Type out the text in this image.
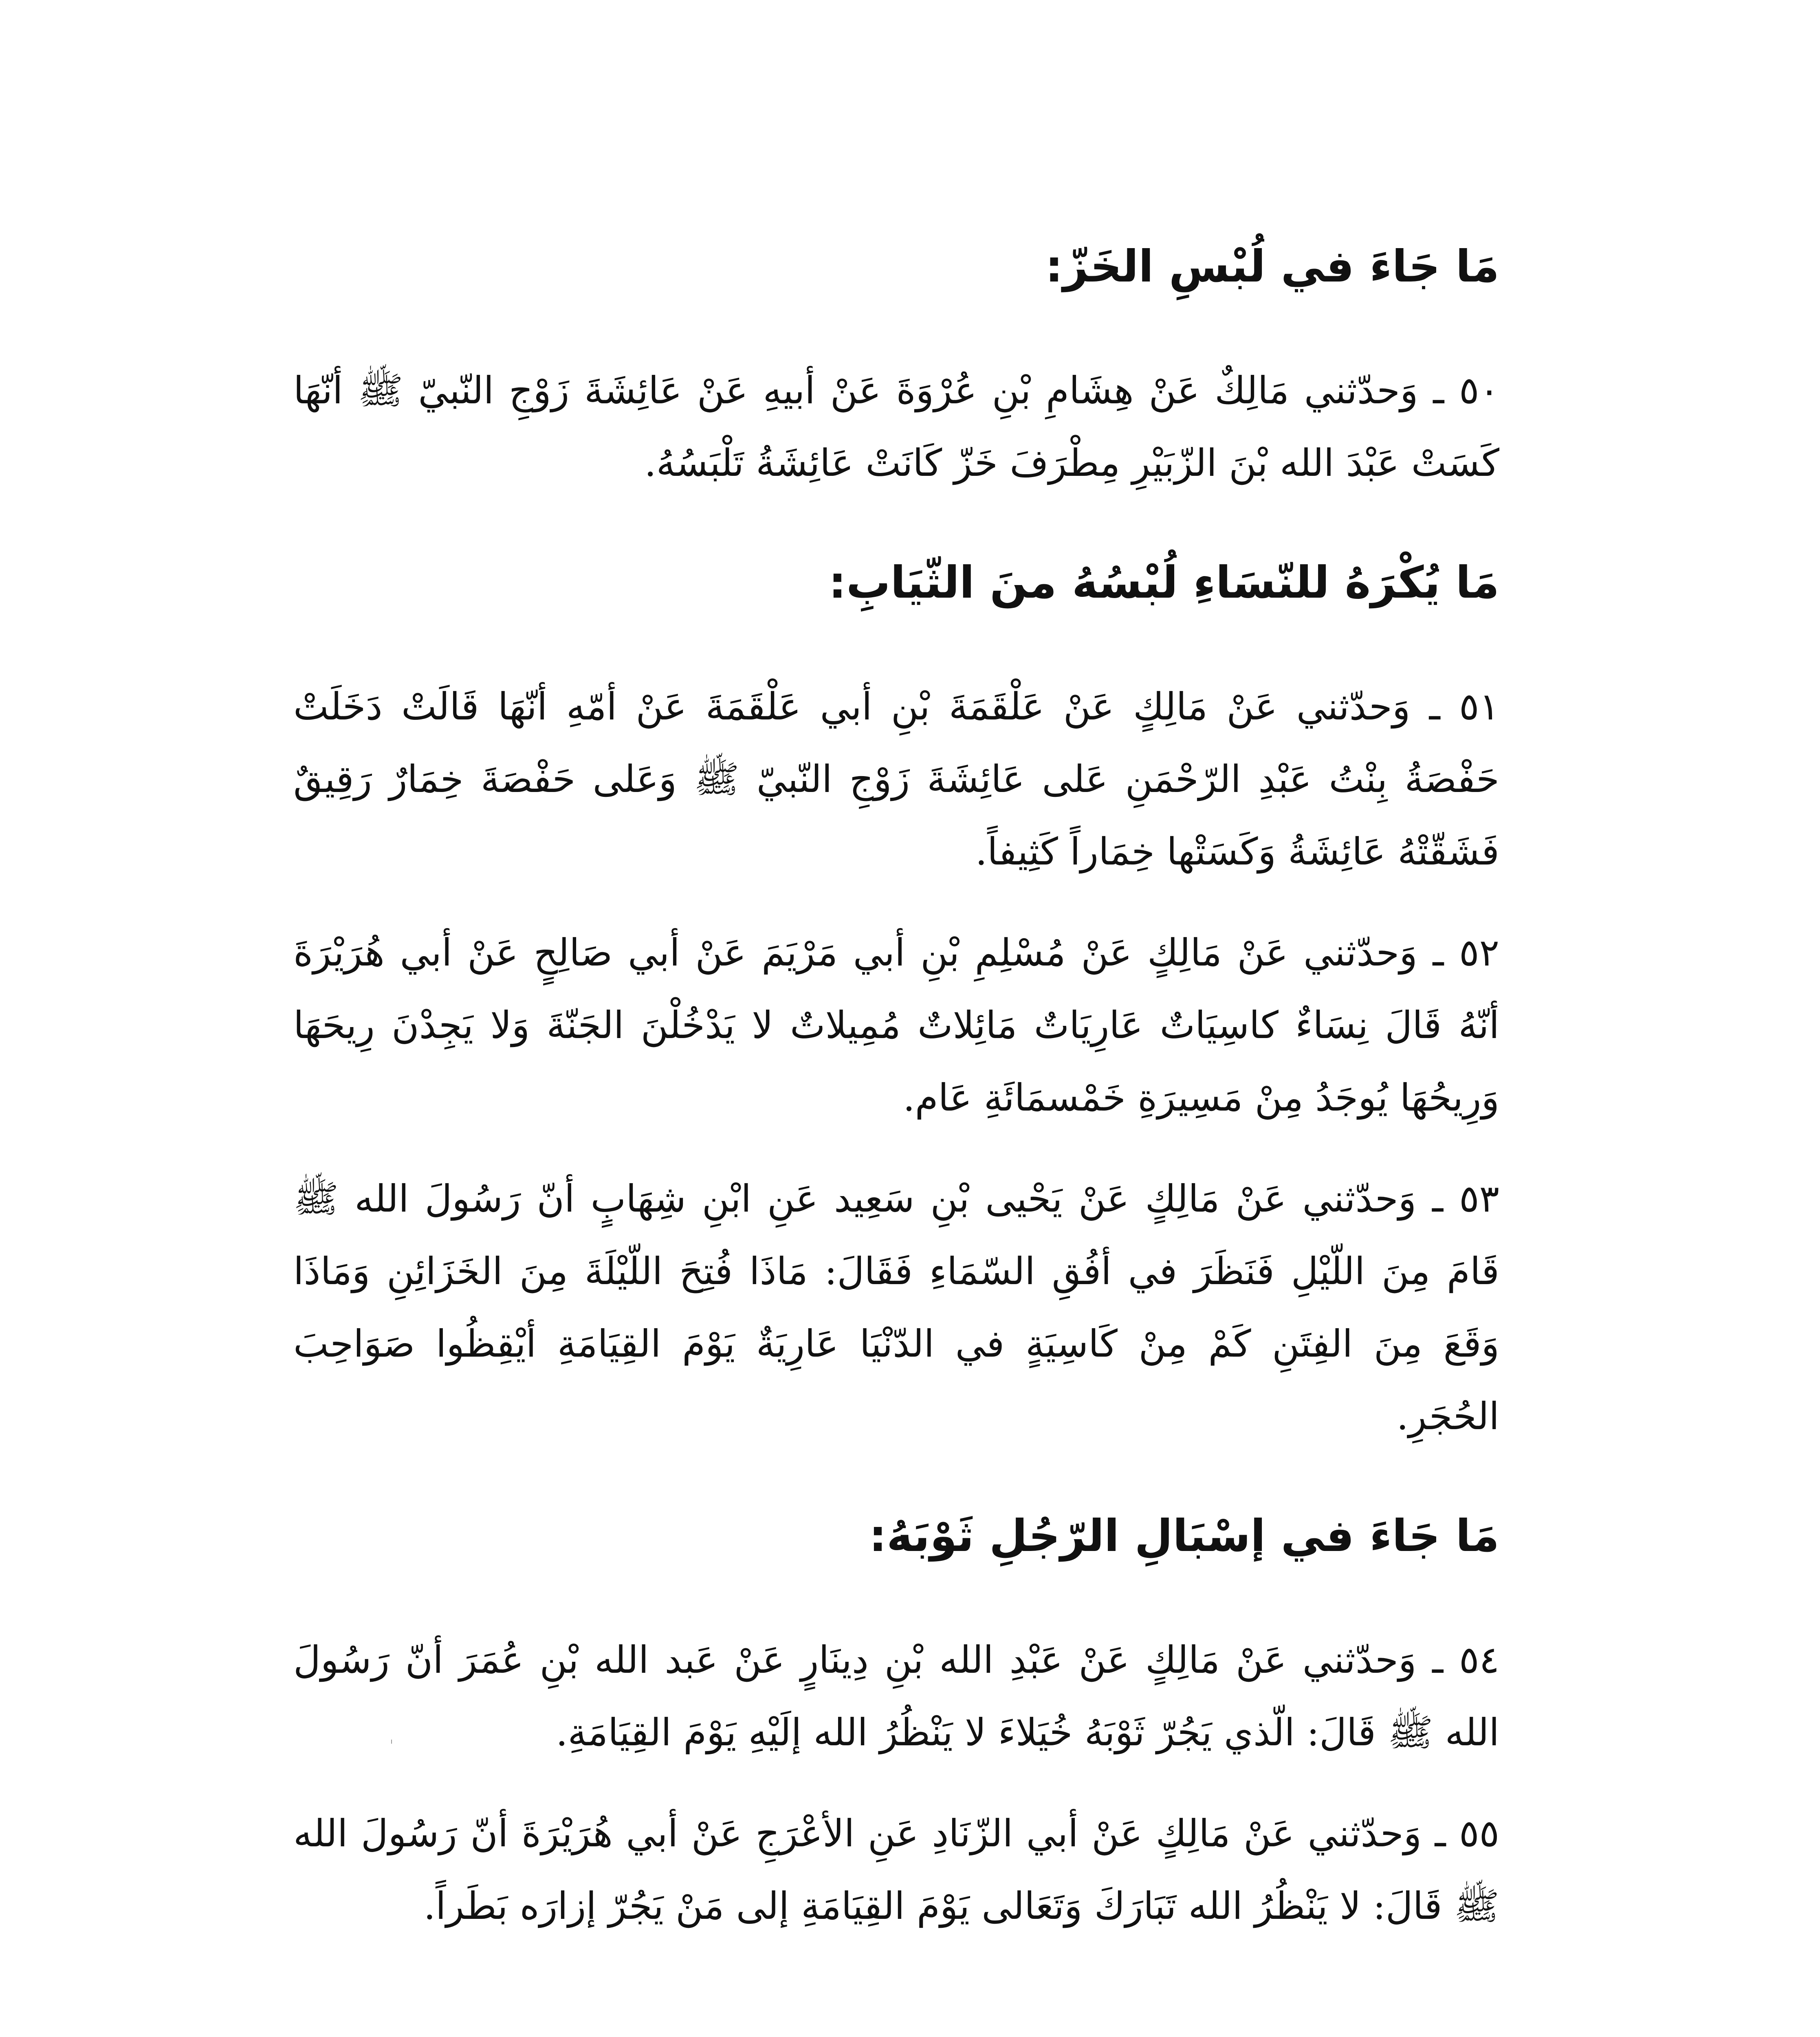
مَا جَاءَ في لُبْسِ الخَزّ:

٥٠ ـ وَحدّثني مَالِكٌ عَنْ هِشَامِ بْنِ عُرْوَةَ عَنْ أبيهِ عَنْ عَائِشَةَ زَوْجِ النّبيّ ﷺ أنّهَا كَسَتْ عَبْدَ الله بْنَ الزّبَيْرِ مِطْرَفَ خَزّ كَانَتْ عَائِشَةُ تَلْبَسُهُ.

مَا يُكْرَهُ للنّسَاءِ لُبْسُهُ منَ الثّيَابِ:

٥١ ـ وَحدّثني عَنْ مَالِكٍ عَنْ عَلْقَمَةَ بْنِ أبي عَلْقَمَةَ عَنْ أمّهِ أنّهَا قَالَتْ دَخَلَتْ حَفْصَةُ بِنْتُ عَبْدِ الرّحْمَنِ عَلى عَائِشَةَ زَوْجِ النّبيّ ﷺ وَعَلى حَفْصَةَ خِمَارٌ رَقِيقٌ فَشَقّتْهُ عَائِشَةُ وَكَسَتْها خِمَاراً كَثِيفاً.

٥٢ ـ وَحدّثني عَنْ مَالِكٍ عَنْ مُسْلِمِ بْنِ أبي مَرْيَمَ عَنْ أبي صَالِحٍ عَنْ أبي هُرَيْرَةَ أنّهُ قَالَ نِسَاءٌ كاسِيَاتٌ عَارِيَاتٌ مَائِلاتٌ مُمِيلاتٌ لا يَدْخُلْنَ الجَنّةَ وَلا يَجِدْنَ رِيحَهَا وَرِيحُهَا يُوجَدُ مِنْ مَسِيرَةِ خَمْسمَائَةِ عَام.

٥٣ ـ وَحدّثني عَنْ مَالِكٍ عَنْ يَحْيى بْنِ سَعِيد عَنِ ابْنِ شِهَابٍ أنّ رَسُولَ الله ﷺ قَامَ مِنَ اللّيْلِ فَنَظَرَ في أفُقِ السّمَاءِ فَقَالَ: مَاذَا فُتِحَ اللّيْلَةَ مِنَ الخَزَائِنِ وَمَاذَا وَقَعَ مِنَ الفِتَنِ كَمْ مِنْ كَاسِيَةٍ في الدّنْيَا عَارِيَةٌ يَوْمَ القِيَامَةِ أيْقِظُوا صَوَاحِبَ الحُجَرِ.

مَا جَاءَ في إسْبَالِ الرّجُلِ ثَوْبَهُ:

٥٤ ـ وَحدّثني عَنْ مَالِكٍ عَنْ عَبْدِ الله بْنِ دِينَارٍ عَنْ عَبد الله بْنِ عُمَرَ أنّ رَسُولَ الله ﷺ قَالَ: الّذي يَجُرّ ثَوْبَهُ خُيَلاءَ لا يَنْظُرُ الله إلَيْهِ يَوْمَ القِيَامَةِ.

٥٥ ـ وَحدّثني عَنْ مَالِكٍ عَنْ أبي الزّنَادِ عَنِ الأعْرَجِ عَنْ أبي هُرَيْرَةَ أنّ رَسُولَ الله ﷺ قَالَ: لا يَنْظُرُ الله تَبَارَكَ وَتَعَالى يَوْمَ القِيَامَةِ إلى مَنْ يَجُرّ إزارَه بَطَراً.
